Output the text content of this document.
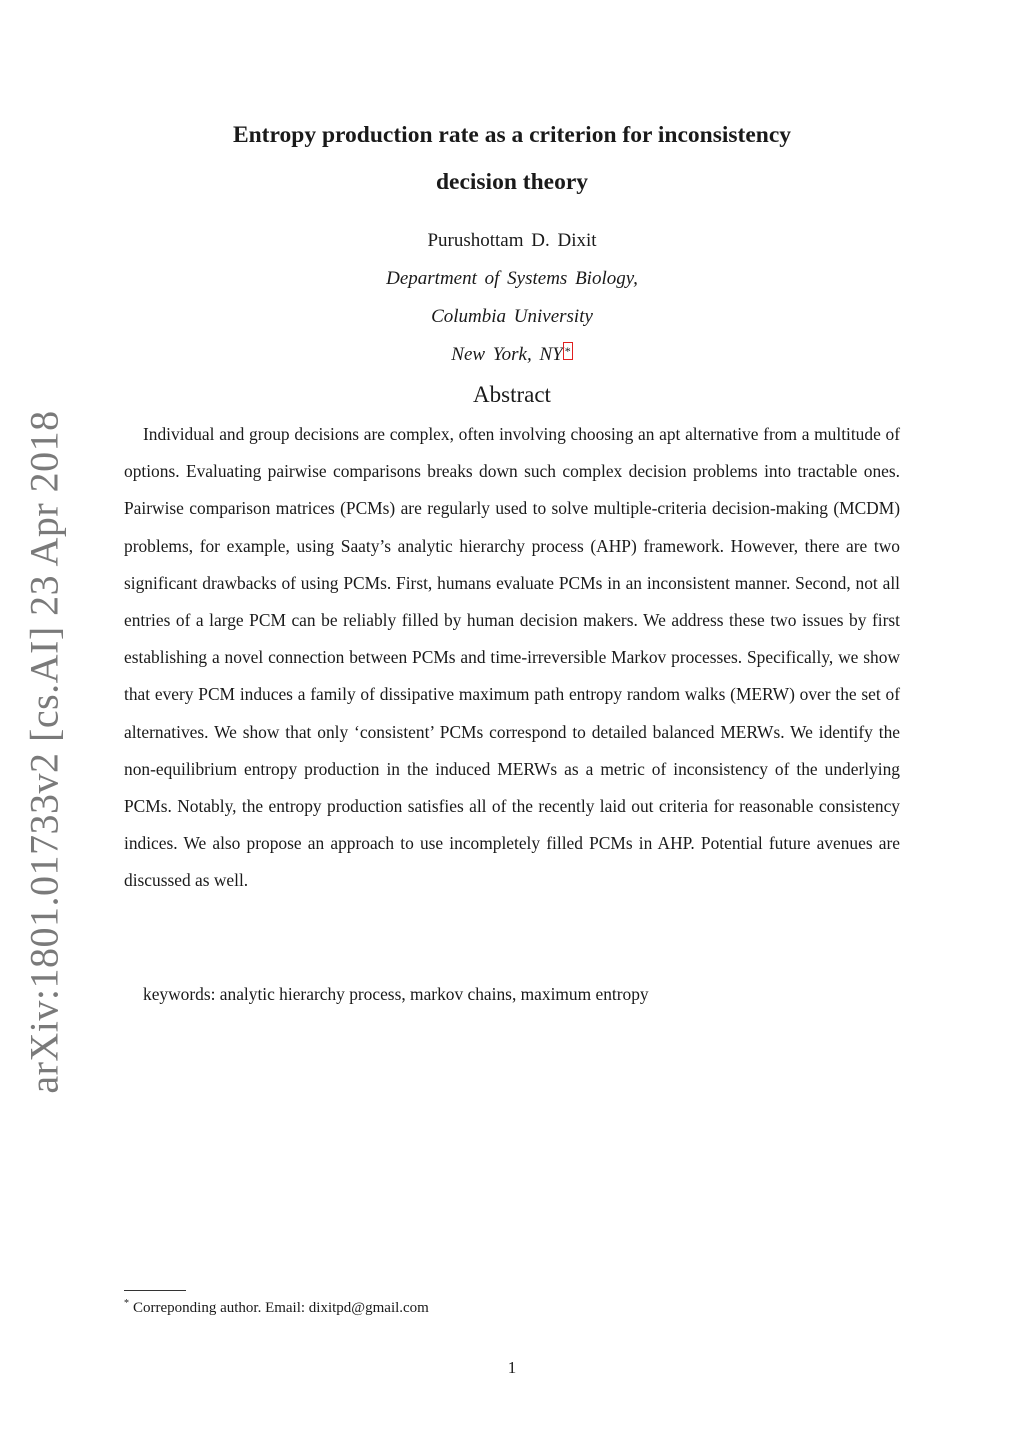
arXiv:1801.01733v2 [cs.AI] 23 Apr 2018
Entropy production rate as a criterion for inconsistency
decision theory
Purushottam D. Dixit
Department of Systems Biology,
Columbia University
New York, NY *
Abstract

Individual and group decisions are complex, often involving choosing an apt alternative from a multitude of options. Evaluating pairwise comparisons breaks down such complex decision problems into tractable ones. Pairwise comparison matrices (PCMs) are regularly used to solve multiple-criteria decision-making (MCDM) problems, for example, using Saaty’s analytic hierarchy process (AHP) framework. However, there are two significant drawbacks of using PCMs. First, humans evaluate PCMs in an inconsistent manner. Second, not all entries of a large PCM can be reliably filled by human decision makers. We address these two issues by first establishing a novel connection between PCMs and time-irreversible Markov processes. Specifically, we show that every PCM induces a family of dissipative maximum path entropy random walks (MERW) over the set of alternatives. We show that only ‘consistent’ PCMs correspond to detailed balanced MERWs. We identify the non-equilibrium entropy production in the induced MERWs as a metric of inconsistency of the underlying PCMs. Notably, the entropy production satisfies all of the recently laid out criteria for reasonable consistency indices. We also propose an approach to use incompletely filled PCMs in AHP. Potential future avenues are discussed as well.

keywords: analytic hierarchy process, markov chains, maximum entropy

* Correponding author. Email: dixitpd@gmail.com
1
